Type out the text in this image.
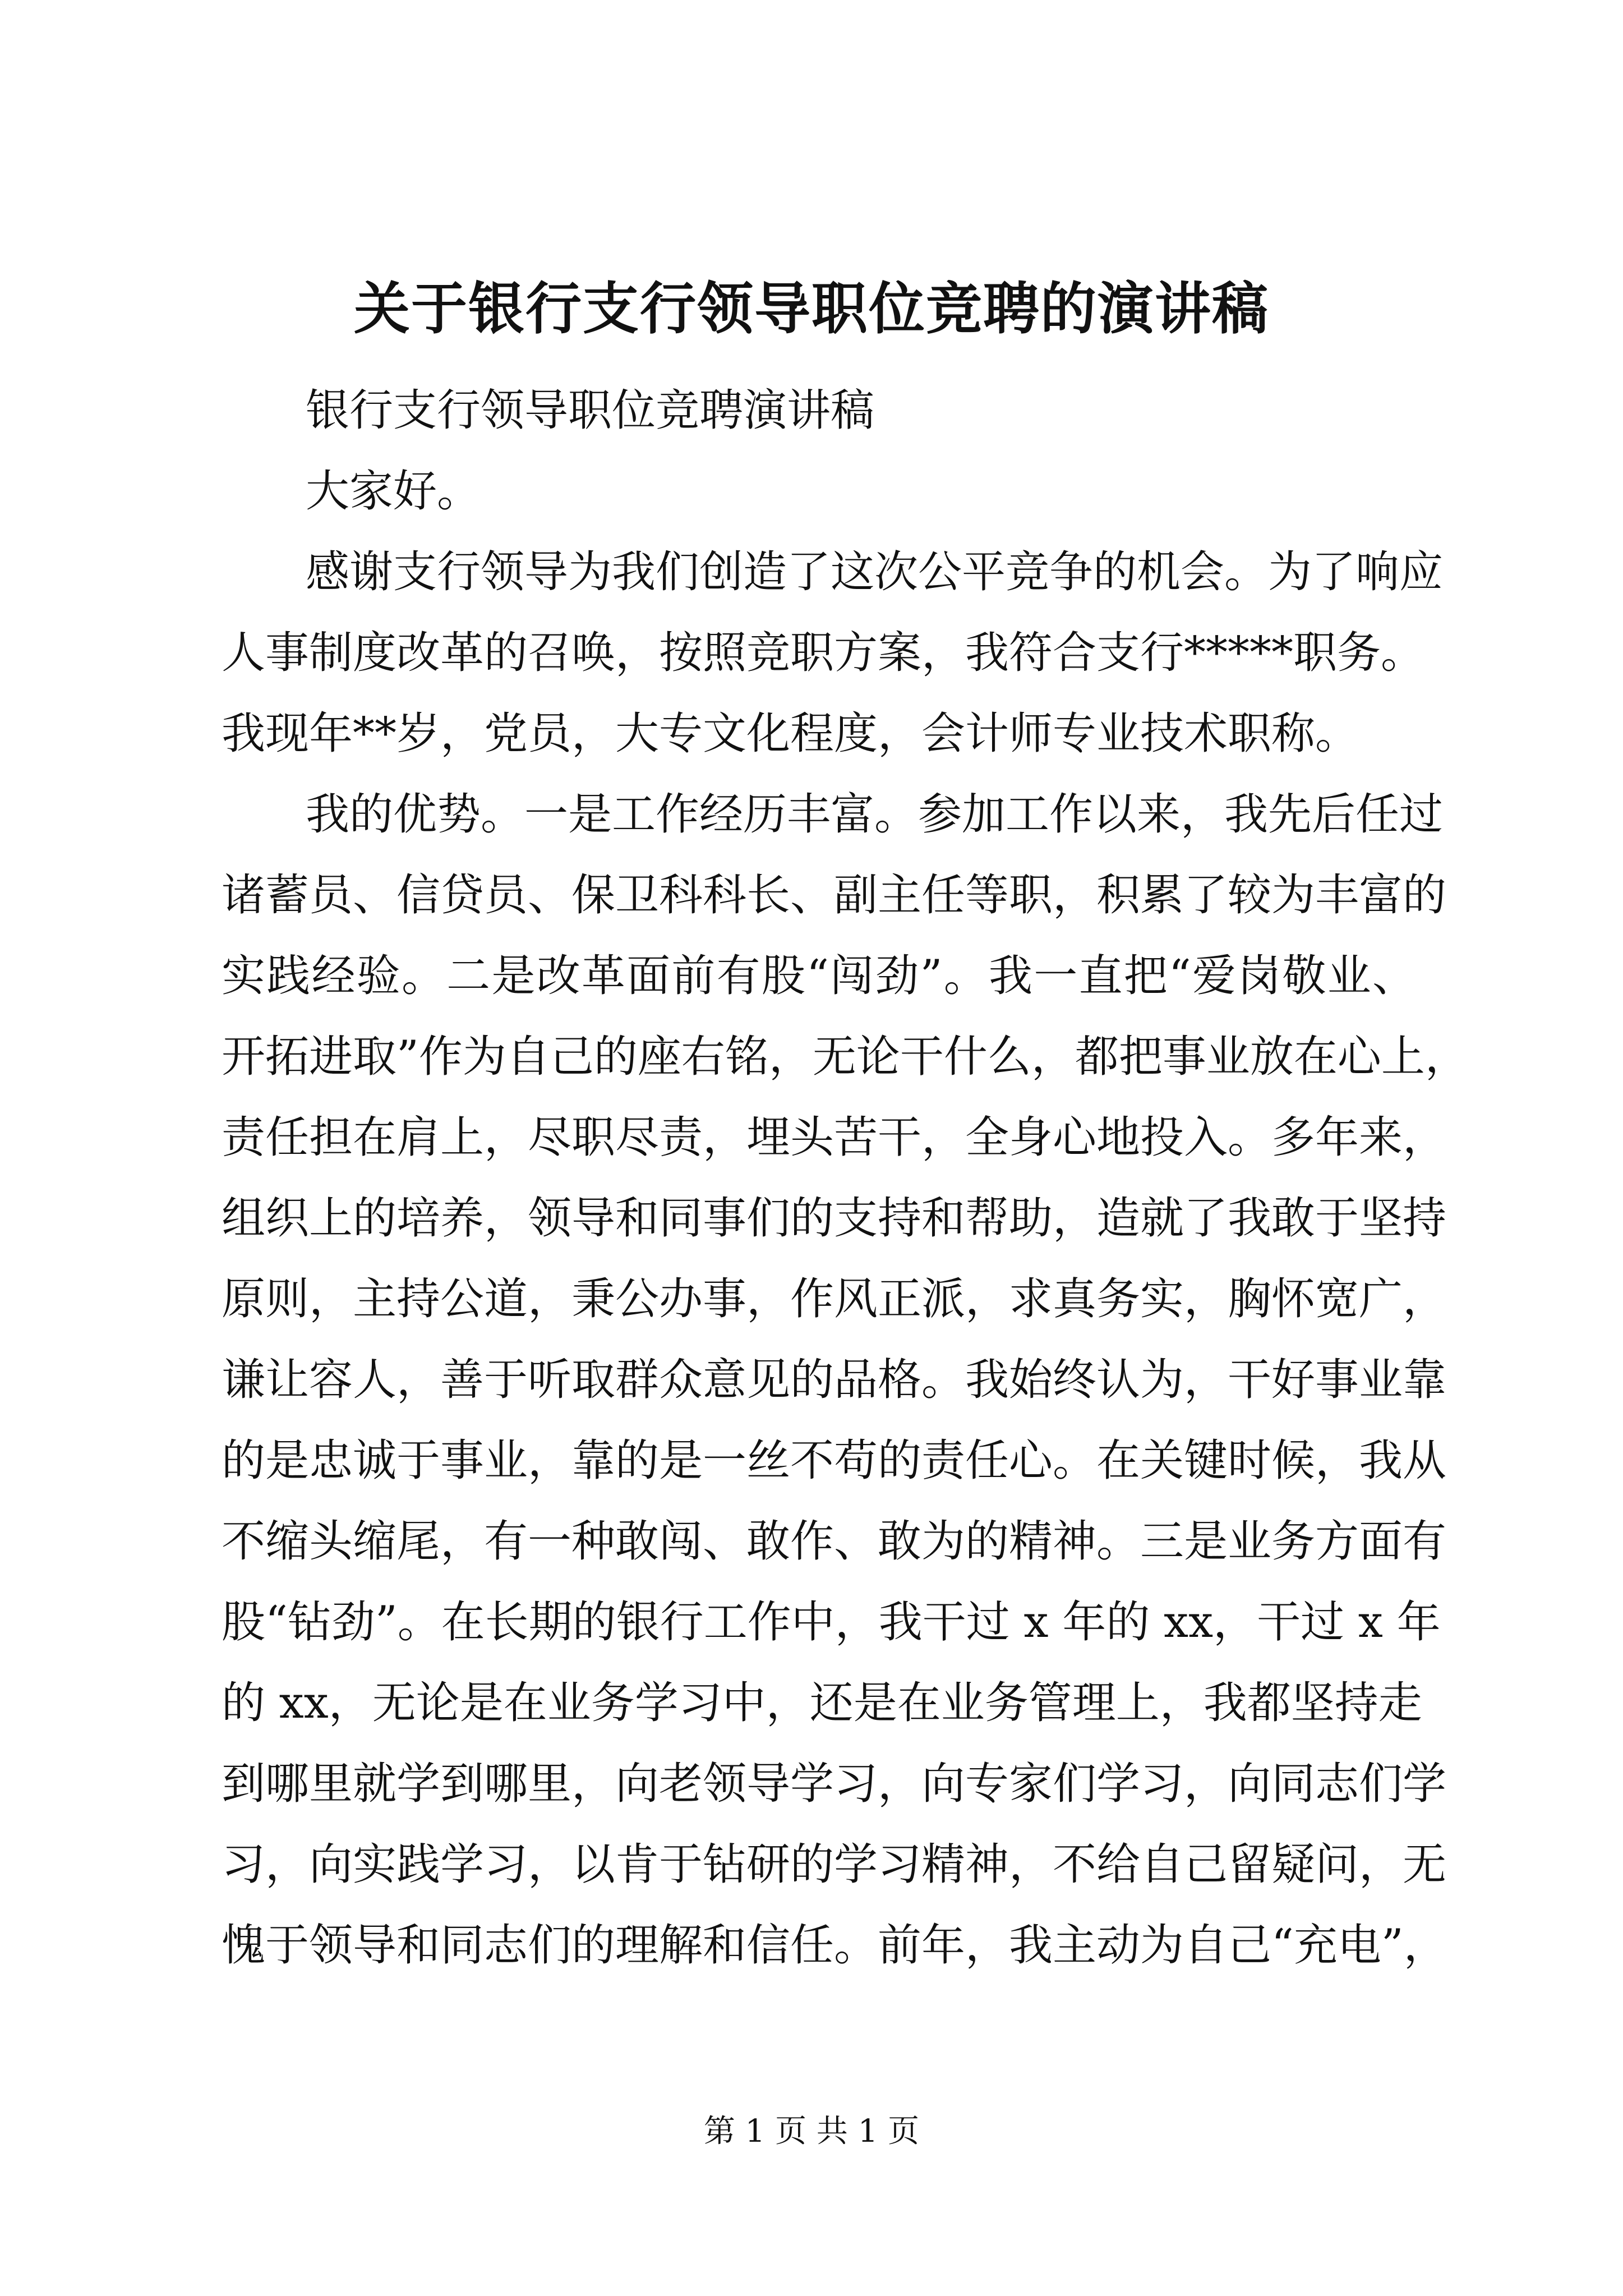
关于银行支行领导职位竞聘的演讲稿
银行支行领导职位竞聘演讲稿
大家好。
感谢支行领导为我们创造了这次公平竞争的机会。为了响应
人事制度改革的召唤，按照竞职方案，我符合支行*****职务。
我现年**岁，党员，大专文化程度，会计师专业技术职称。
我的优势。一是工作经历丰富。参加工作以来，我先后任过
诸蓄员、信贷员、保卫科科长、副主任等职，积累了较为丰富的
实践经验。二是改革面前有股“闯劲”。我一直把“爱岗敬业、
开拓进取”作为自己的座右铭，无论干什么，都把事业放在心上，
责任担在肩上，尽职尽责，埋头苦干，全身心地投入。多年来，
组织上的培养，领导和同事们的支持和帮助，造就了我敢于坚持
原则，主持公道，秉公办事，作风正派，求真务实，胸怀宽广，
谦让容人，善于听取群众意见的品格。我始终认为，干好事业靠
的是忠诚于事业，靠的是一丝不苟的责任心。在关键时候，我从
不缩头缩尾，有一种敢闯、敢作、敢为的精神。三是业务方面有
股“钻劲”。在长期的银行工作中，我干过 x 年的 xx，干过 x 年
的 xx，无论是在业务学习中，还是在业务管理上，我都坚持走
到哪里就学到哪里，向老领导学习，向专家们学习，向同志们学
习，向实践学习，以肯于钻研的学习精神，不给自己留疑问，无
愧于领导和同志们的理解和信任。前年，我主动为自己“充电”，
第 1 页 共 1 页
